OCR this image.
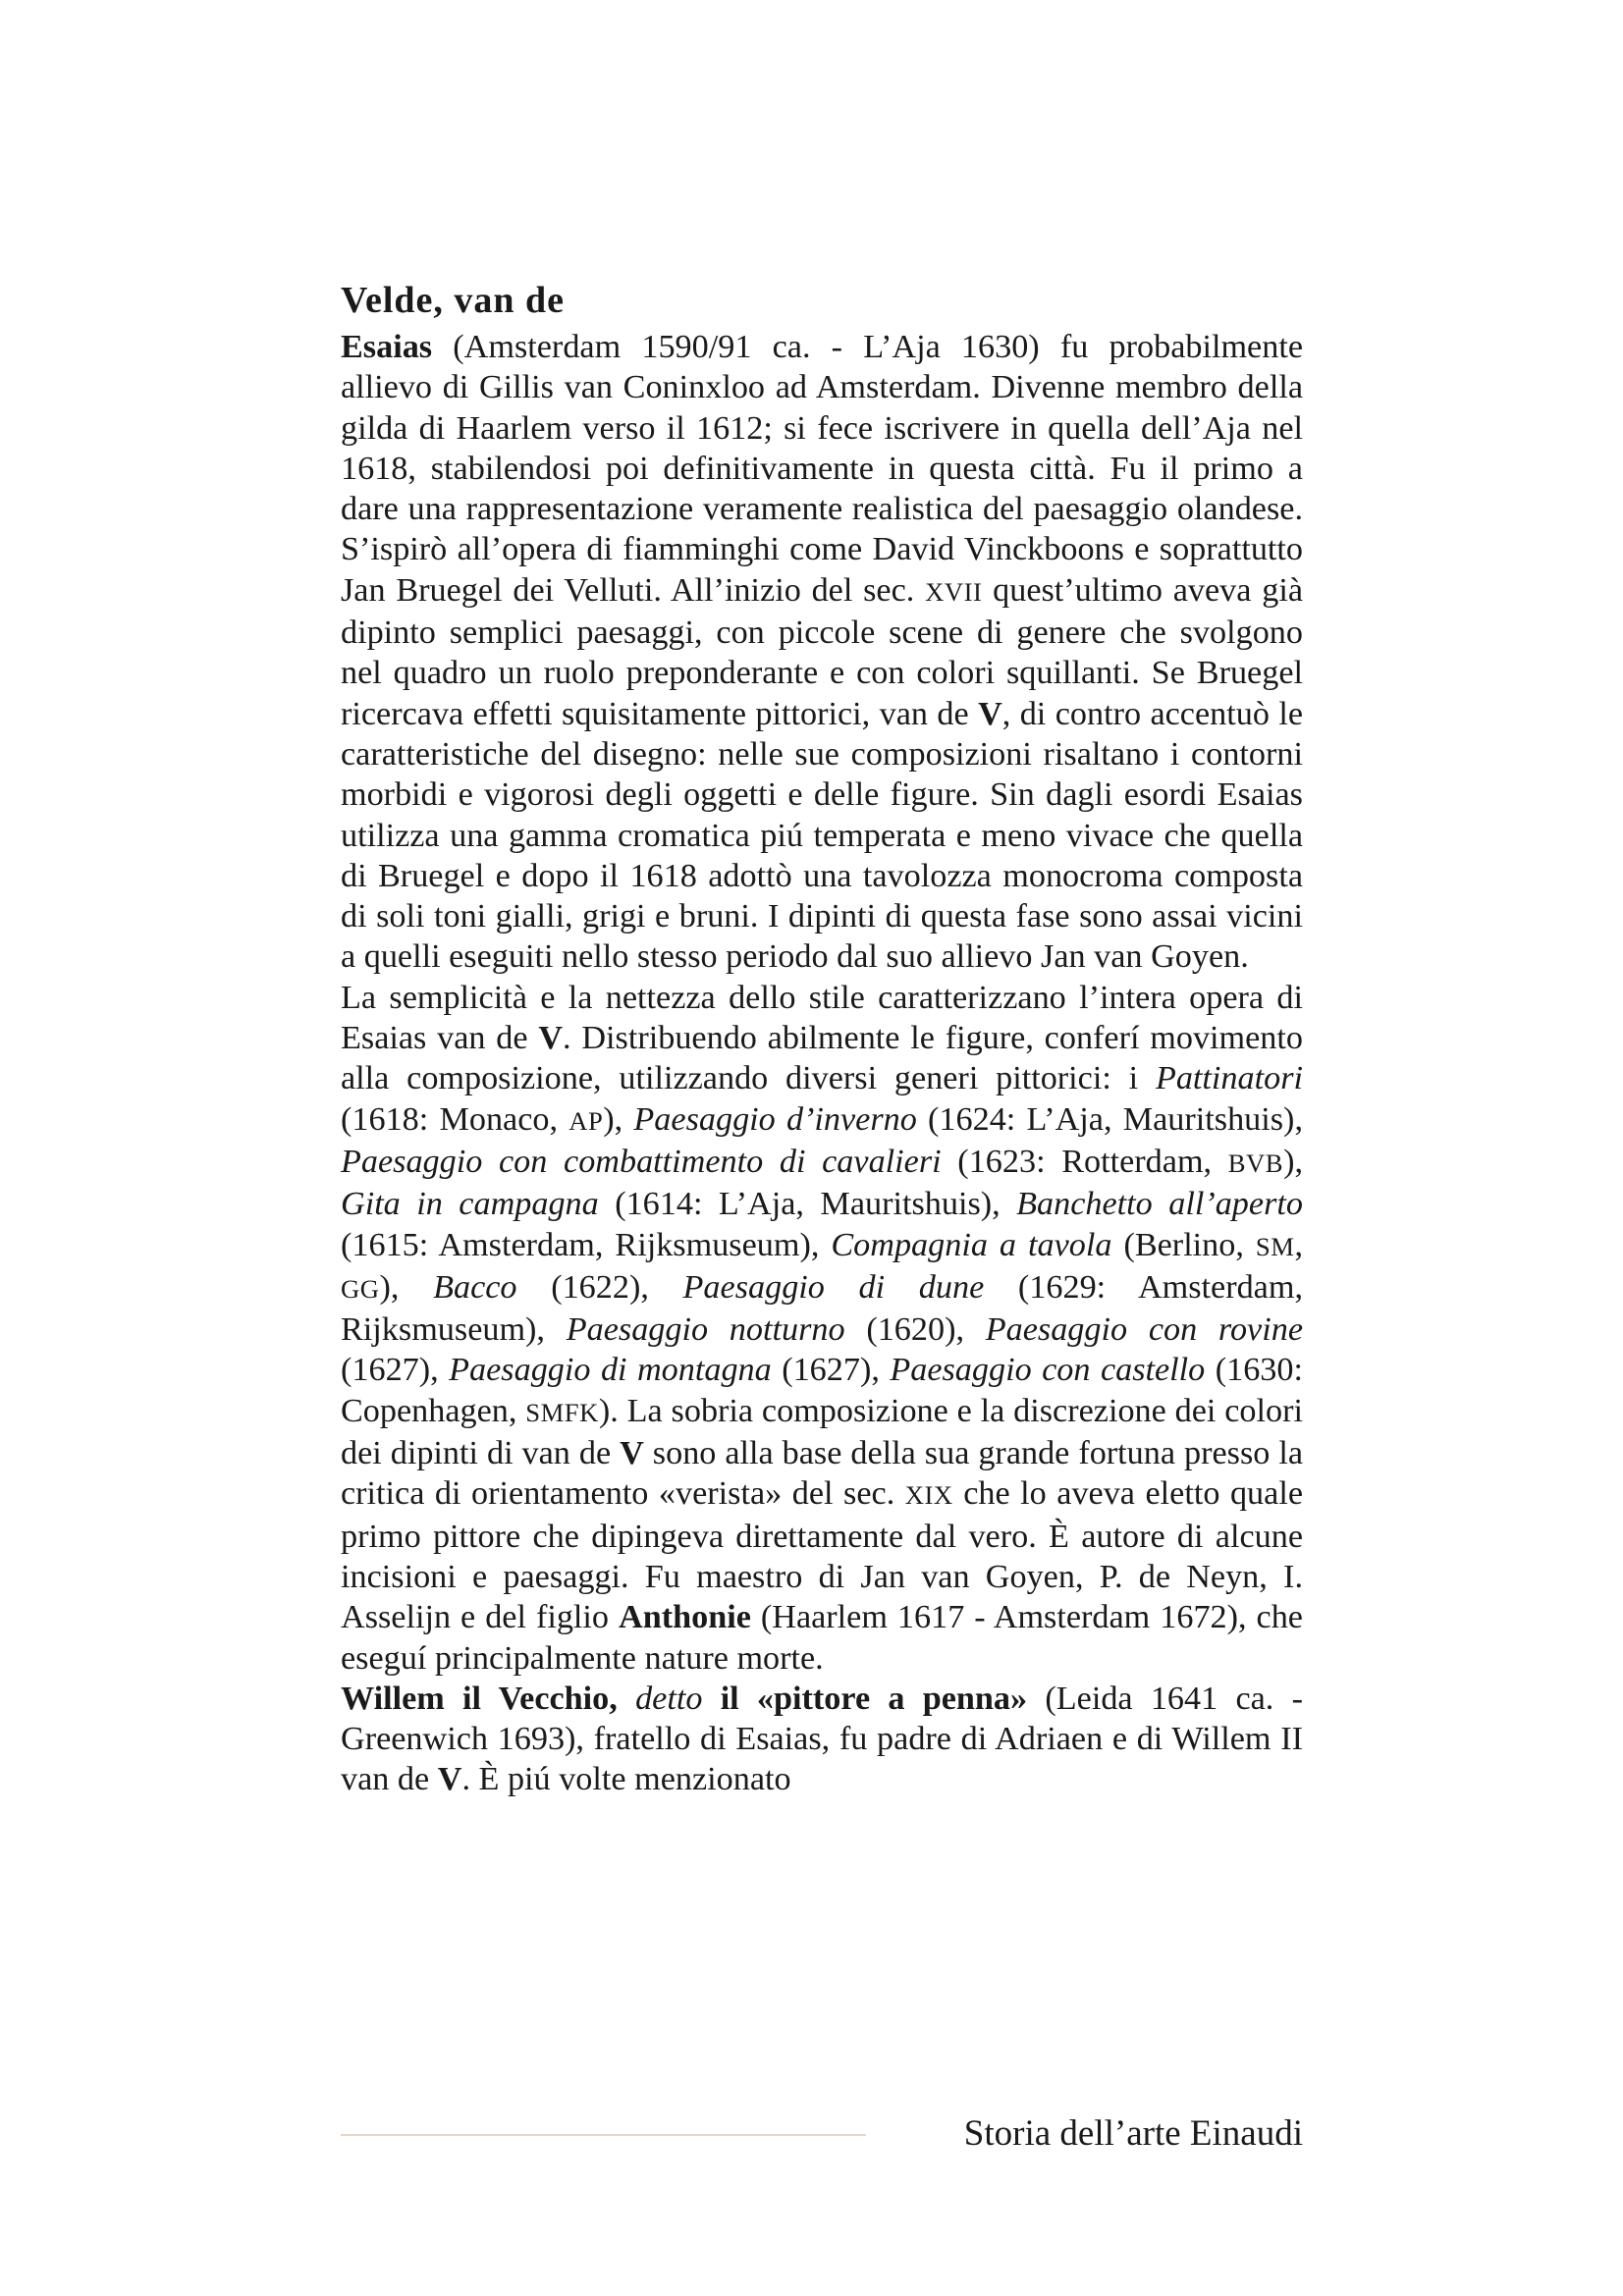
Velde, van de

Esaias (Amsterdam 1590/91 ca. - L’Aja 1630) fu probabilmente allievo di Gillis van Coninxloo ad Amsterdam. Divenne membro della gilda di Haarlem verso il 1612; si fece iscrivere in quella dell’Aja nel 1618, stabilendosi poi definitivamente in questa città. Fu il primo a dare una rappresentazione veramente realistica del paesaggio olandese. S’ispirò all’opera di fiamminghi come David Vinckboons e soprattutto Jan Bruegel dei Velluti. All’inizio del sec. XVII quest’ultimo aveva già dipinto semplici paesaggi, con piccole scene di genere che svolgono nel quadro un ruolo preponderante e con colori squillanti. Se Bruegel ricercava effetti squisitamente pittorici, van de V, di contro accentuò le caratteristiche del disegno: nelle sue composizioni risaltano i contorni morbidi e vigorosi degli oggetti e delle figure. Sin dagli esordi Esaias utilizza una gamma cromatica piú temperata e meno vivace che quella di Bruegel e dopo il 1618 adottò una tavolozza monocroma composta di soli toni gialli, grigi e bruni. I dipinti di questa fase sono assai vicini a quelli eseguiti nello stesso periodo dal suo allievo Jan van Goyen.

La semplicità e la nettezza dello stile caratterizzano l’intera opera di Esaias van de V. Distribuendo abilmente le figure, conferí movimento alla composizione, utilizzando diversi generi pittorici: i Pattinatori (1618: Monaco, AP), Paesaggio d’inverno (1624: L’Aja, Mauritshuis), Paesaggio con combattimento di cavalieri (1623: Rotterdam, BVB), Gita in campagna (1614: L’Aja, Mauritshuis), Banchetto all’aperto (1615: Amsterdam, Rijksmuseum), Compagnia a tavola (Berlino, SM, GG), Bacco (1622), Paesaggio di dune (1629: Amsterdam, Rijksmuseum), Paesaggio notturno (1620), Paesaggio con rovine (1627), Paesaggio di montagna (1627), Paesaggio con castello (1630: Copenhagen, SMFK). La sobria composizione e la discrezione dei colori dei dipinti di van de V sono alla base della sua grande fortuna presso la critica di orientamento «verista» del sec. XIX che lo aveva eletto quale primo pittore che dipingeva direttamente dal vero. È autore di alcune incisioni e paesaggi. Fu maestro di Jan van Goyen, P. de Neyn, I. Asselijn e del figlio Anthonie (Haarlem 1617 - Amsterdam 1672), che eseguí principalmente nature morte.

Willem il Vecchio, detto il «pittore a penna» (Leida 1641 ca. - Greenwich 1693), fratello di Esaias, fu padre di Adriaen e di Willem II van de V. È piú volte menzionato

Storia dell’arte Einaudi
